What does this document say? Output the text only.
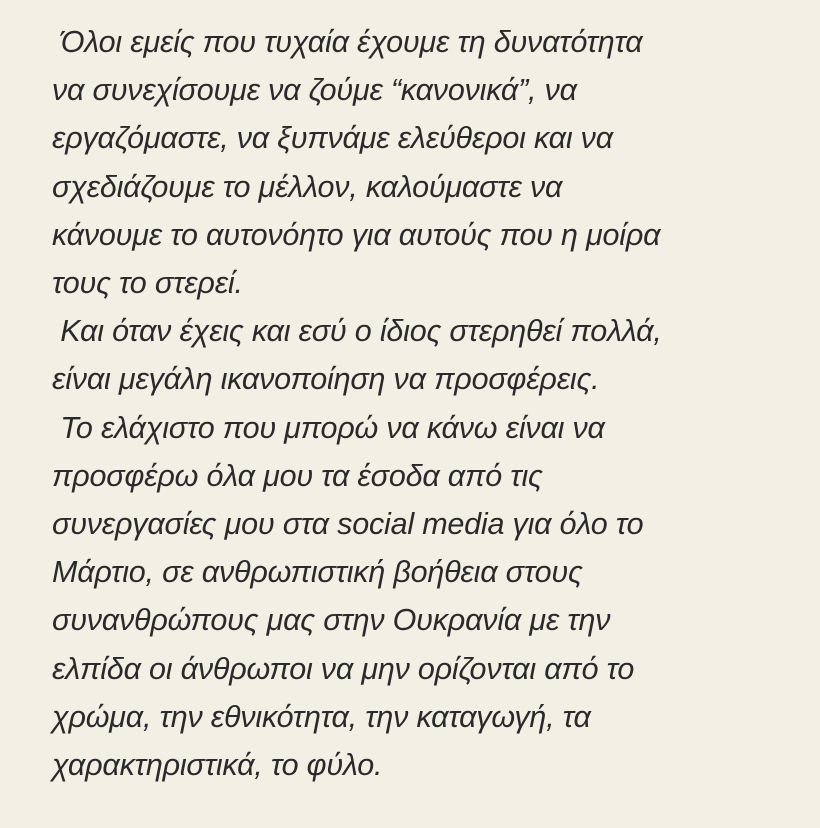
Όλοι εμείς που τυχαία έχουμε τη δυνατότητα
να συνεχίσουμε να ζούμε “κανονικά”, να
εργαζόμαστε, να ξυπνάμε ελεύθεροι και να
σχεδιάζουμε το μέλλον, καλούμαστε να
κάνουμε το αυτονόητο για αυτούς που η μοίρα
τους το στερεί.
Και όταν έχεις και εσύ ο ίδιος στερηθεί πολλά,
είναι μεγάλη ικανοποίηση να προσφέρεις.
Το ελάχιστο που μπορώ να κάνω είναι να
προσφέρω όλα μου τα έσοδα από τις
συνεργασίες μου στα social media για όλο το
Μάρτιο, σε ανθρωπιστική βοήθεια στους
συνανθρώπους μας στην Ουκρανία με την
ελπίδα οι άνθρωποι να μην ορίζονται από το
χρώμα, την εθνικότητα, την καταγωγή, τα
χαρακτηριστικά, το φύλο.
